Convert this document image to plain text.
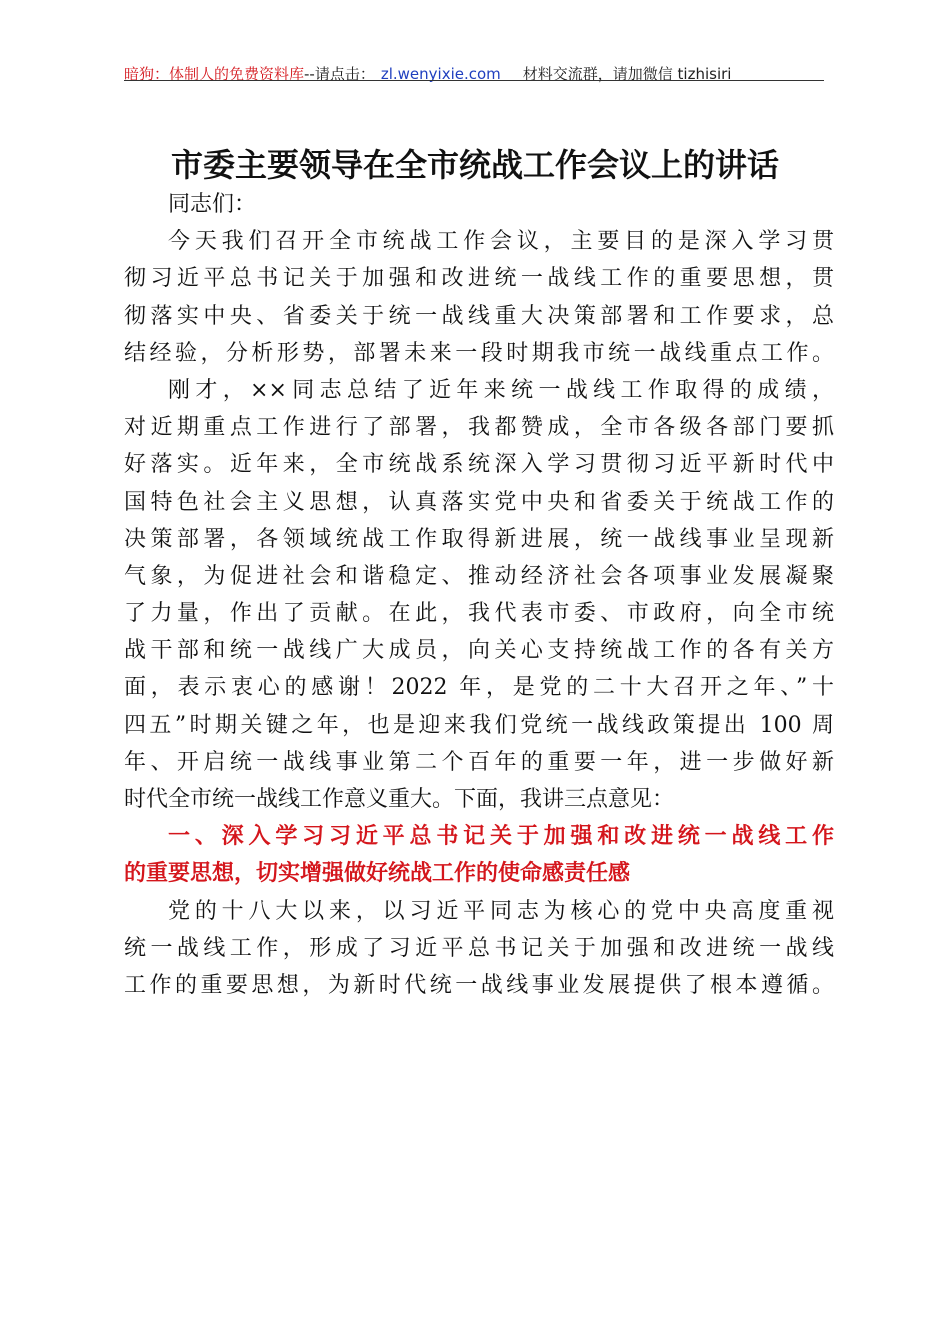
暗狗：体制人的免费资料库 --请点击： zl.wenyixie.com 材料交流群，请加微信 tizhisiri
市委主要领导在全市统战工作会议上的讲话
同志们：
今天我们召开全市统战工作会议，主要目的是深入学习贯
彻习近平总书记关于加强和改进统一战线工作的重要思想，贯
彻落实中央、省委关于统一战线重大决策部署和工作要求，总
结经验，分析形势，部署未来一段时期我市统一战线重点工作。
刚才，××同志总结了近年来统一战线工作取得的成绩，
对近期重点工作进行了部署，我都赞成，全市各级各部门要抓
好落实。近年来，全市统战系统深入学习贯彻习近平新时代中
国特色社会主义思想，认真落实党中央和省委关于统战工作的
决策部署，各领域统战工作取得新进展，统一战线事业呈现新
气象，为促进社会和谐稳定、推动经济社会各项事业发展凝聚
了力量，作出了贡献。在此，我代表市委、市政府，向全市统
战干部和统一战线广大成员，向关心支持统战工作的各有关方
面，表示衷心的感谢！2022 年，是党的二十大召开之年、”十
四五”时期关键之年，也是迎来我们党统一战线政策提出 100 周
年、开启统一战线事业第二个百年的重要一年，进一步做好新
时代全市统一战线工作意义重大。下面，我讲三点意见：
一、深入学习习近平总书记关于加强和改进统一战线工作
的重要思想，切实增强做好统战工作的使命感责任感
党的十八大以来，以习近平同志为核心的党中央高度重视
统一战线工作，形成了习近平总书记关于加强和改进统一战线
工作的重要思想，为新时代统一战线事业发展提供了根本遵循。
